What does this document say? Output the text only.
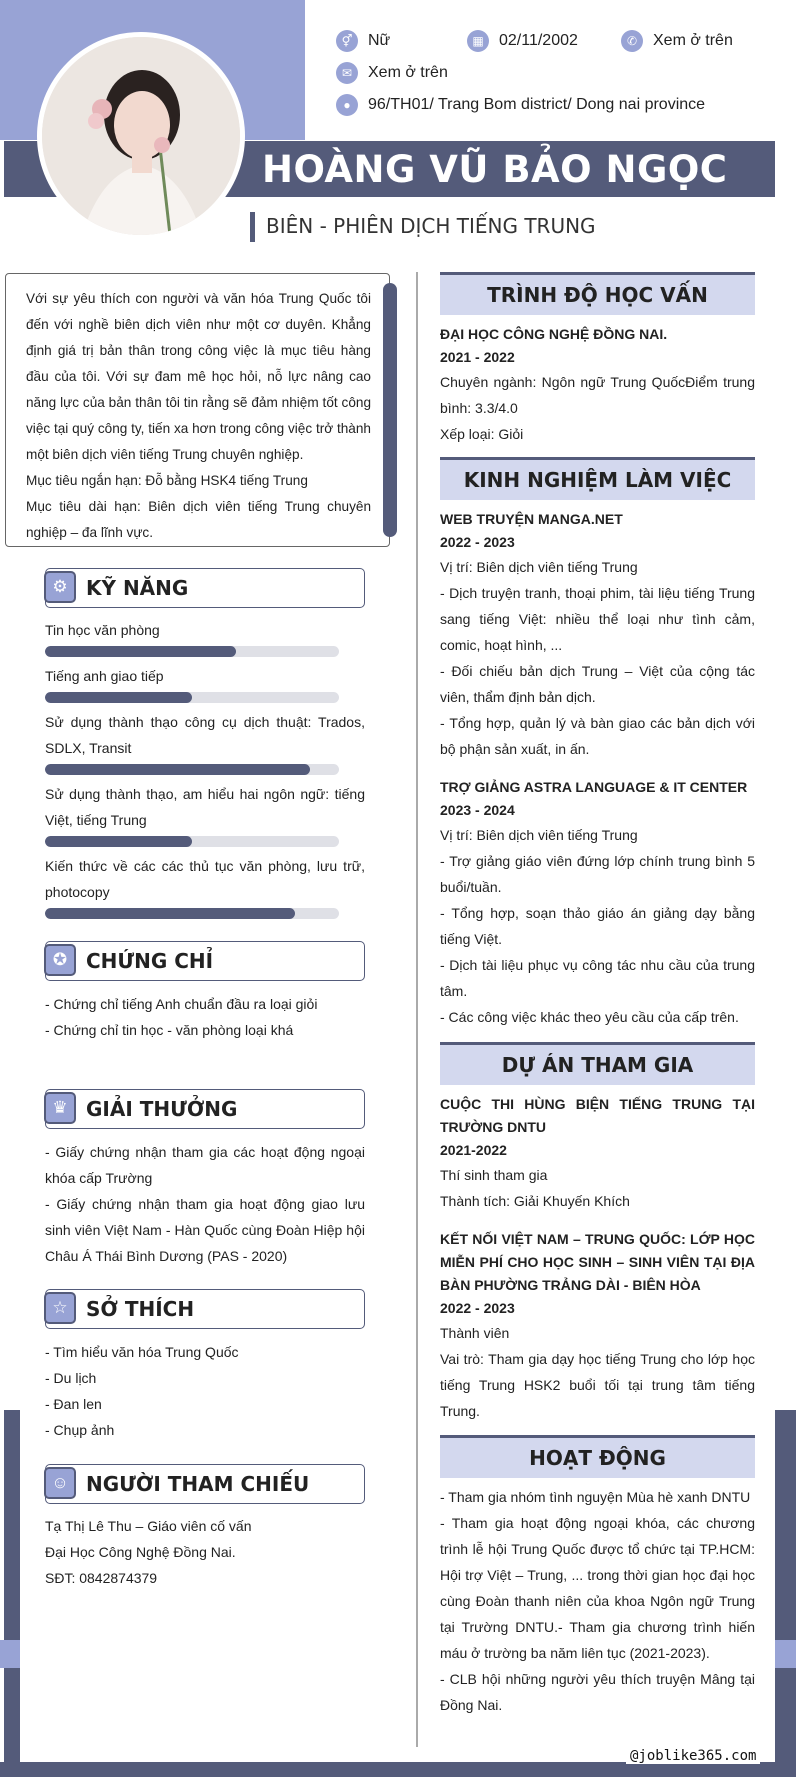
HOÀNG VŨ BẢO NGỌC
BIÊN - PHIÊN DỊCH TIẾNG TRUNG
⚥ Nữ	▦ 02/11/2002	✆ Xem ở trên
✉ Xem ở trên
●	96/TH01/ Trang Bom district/ Dong nai province

Với sự yêu thích con người và văn hóa Trung Quốc tôi đến với nghề biên dịch viên như một cơ duyên. Khẳng định giá trị bản thân trong công việc là mục tiêu hàng đầu của tôi. Với sự đam mê học hỏi, nỗ lực nâng cao năng lực của bản thân tôi tin rằng sẽ đảm nhiệm tốt công việc tại quý công ty, tiến xa hơn trong công việc trở thành một biên dịch viên tiếng Trung chuyên nghiệp.

Mục tiêu ngắn hạn: Đỗ bằng HSK4 tiếng Trung

Mục tiêu dài hạn: Biên dịch viên tiếng Trung chuyên nghiệp – đa lĩnh vực.

⚙ KỸ NĂNG
Tin học văn phòng
Tiếng anh giao tiếp
Sử dụng thành thạo công cụ dịch thuật: Trados, SDLX, Transit
Sử dụng thành thạo, am hiểu hai ngôn ngữ: tiếng Việt, tiếng Trung
Kiến thức về các các thủ tục văn phòng, lưu trữ, photocopy
✪ CHỨNG CHỈ
- Chứng chỉ tiếng Anh chuẩn đầu ra loại giỏi
- Chứng chỉ tin học - văn phòng loại khá
♛ GIẢI THƯỞNG
- Giấy chứng nhận tham gia các hoạt động ngoại khóa cấp Trường
- Giấy chứng nhận tham gia hoạt động giao lưu sinh viên Việt Nam - Hàn Quốc cùng Đoàn Hiệp hội Châu Á Thái Bình Dương (PAS - 2020)
☆ SỞ THÍCH
- Tìm hiểu văn hóa Trung Quốc
- Du lịch
- Đan len
- Chụp ảnh
☺ NGƯỜI THAM CHIẾU
Tạ Thị Lê Thu – Giáo viên cố vấn
Đại Học Công Nghệ Đồng Nai.
SĐT: 0842874379
TRÌNH ĐỘ HỌC VẤN
ĐẠI HỌC CÔNG NGHỆ ĐỒNG NAI.
2021 - 2022
Chuyên ngành: Ngôn ngữ Trung QuốcĐiểm trung bình: 3.3/4.0
Xếp loại: Giỏi
KINH NGHIỆM LÀM VIỆC
WEB TRUYỆN MANGA.NET
2022 - 2023
Vị trí: Biên dịch viên tiếng Trung
- Dịch truyện tranh, thoại phim, tài liệu tiếng Trung sang tiếng Việt: nhiều thể loại như tình cảm, comic, hoạt hình, ...
- Đối chiếu bản dịch Trung – Việt của cộng tác viên, thẩm định bản dịch.
- Tổng hợp, quản lý và bàn giao các bản dịch với bộ phận sản xuất, in ấn.
TRỢ GIẢNG ASTRA LANGUAGE & IT CENTER
2023 - 2024
Vị trí: Biên dịch viên tiếng Trung
- Trợ giảng giáo viên đứng lớp chính trung bình 5 buổi/tuần.
- Tổng hợp, soạn thảo giáo án giảng dạy bằng tiếng Việt.
- Dịch tài liệu phục vụ công tác nhu cầu của trung tâm.
- Các công việc khác theo yêu cầu của cấp trên.
DỰ ÁN THAM GIA
CUỘC THI HÙNG BIỆN TIẾNG TRUNG TẠI TRƯỜNG DNTU
2021-2022
Thí sinh tham gia
Thành tích: Giải Khuyến Khích
KẾT NỐI VIỆT NAM – TRUNG QUỐC: LỚP HỌC MIỄN PHÍ CHO HỌC SINH – SINH VIÊN TẠI ĐỊA BÀN PHƯỜNG TRẢNG DÀI - BIÊN HÒA
2022 - 2023
Thành viên
Vai trò: Tham gia dạy học tiếng Trung cho lớp học tiếng Trung HSK2 buổi tối tại trung tâm tiếng Trung.
HOẠT ĐỘNG
- Tham gia nhóm tình nguyện Mùa hè xanh DNTU
- Tham gia hoạt động ngoại khóa, các chương trình lễ hội Trung Quốc được tổ chức tại TP.HCM: Hội trợ Việt – Trung, ... trong thời gian học đại học cùng Đoàn thanh niên của khoa Ngôn ngữ Trung tại Trường DNTU.- Tham gia chương trình hiến máu ở trường ba năm liên tục (2021-2023).
- CLB hội những người yêu thích truyện Mâng tại Đồng Nai.
@joblike365.com
